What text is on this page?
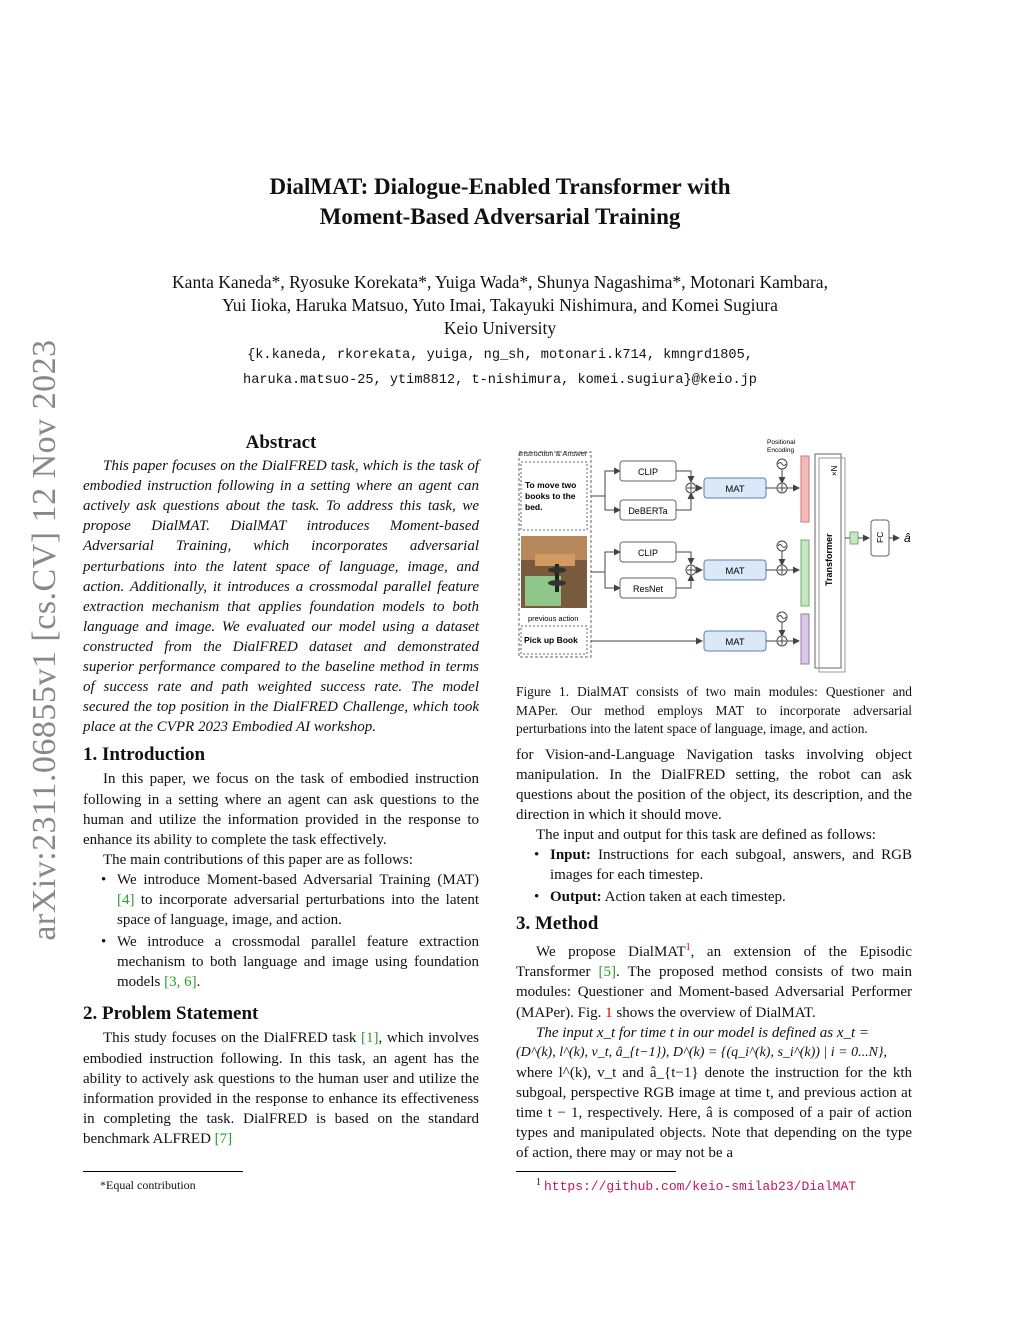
DialMAT: Dialogue-Enabled Transformer with
Moment-Based Adversarial Training
Kanta Kaneda*, Ryosuke Korekata*, Yuiga Wada*, Shunya Nagashima*, Motonari Kambara,
Yui Iioka, Haruka Matsuo, Yuto Imai, Takayuki Nishimura, and Komei Sugiura
Keio University
{k.kaneda, rkorekata, yuiga, ng_sh, motonari.k714, kmngrd1805,
haruka.matsuo-25, ytim8812, t-nishimura, komei.sugiura}@keio.jp
arXiv:2311.06855v1 [cs.CV] 12 Nov 2023	Abstract

This paper focuses on the DialFRED task, which is the task of embodied instruction following in a setting where an agent can actively ask questions about the task. To address this task, we propose DialMAT. DialMAT introduces Moment-based Adversarial Training, which incorporates adversarial perturbations into the latent space of language, image, and action. Additionally, it introduces a crossmodal parallel feature extraction mechanism that applies foundation models to both language and image. We evaluated our model using a dataset constructed from the DialFRED dataset and demonstrated superior performance compared to the baseline method in terms of success rate and path weighted success rate. The model secured the top position in the DialFRED Challenge, which took place at the CVPR 2023 Embodied AI workshop.

1. Introduction

In this paper, we focus on the task of embodied instruction following in a setting where an agent can ask questions to the human and utilize the information provided in the response to enhance its ability to complete the task effectively.

The main contributions of this paper are as follows:

• We introduce Moment-based Adversarial Training (MAT) [4] to incorporate adversarial perturbations into the latent space of language, image, and action.
• We introduce a crossmodal parallel feature extraction mechanism to both language and image using foundation models [3, 6].
2. Problem Statement

This study focuses on the DialFRED task [1], which involves embodied instruction following. In this task, an agent has the ability to actively ask questions to the human user and utilize the information provided in the response to enhance its effectiveness in completing the task. DialFRED is based on the standard benchmark ALFRED [7]

*Equal contribution
Instruction & Answer
To move two
books to the
bed.
previous action
Pick up Book
CLIP
DeBERTa
CLIP
ResNet
MAT
MAT
MAT
Positional
Encoding
Transformer
×N
FC â

Figure 1. DialMAT consists of two main modules: Questioner and MAPer. Our method employs MAT to incorporate adversarial perturbations into the latent space of language, image, and action.

for Vision-and-Language Navigation tasks involving object manipulation. In the DialFRED setting, the robot can ask questions about the position of the object, its description, and the direction in which it should move.

The input and output for this task are defined as follows:

• Input: Instructions for each subgoal, answers, and RGB images for each timestep.
• Output: Action taken at each timestep.
3. Method

We propose DialMAT$^1$, an extension of the Episodic Transformer [5]. The proposed method consists of two main modules: Questioner and Moment-based Adversarial Performer (MAPer). Fig. 1 shows the overview of DialMAT.

The input x_t for time t in our model is defined as x_t =

(D^(k), l^(k), v_t, â_{t−1}), D^(k) = {(q_i^(k), s_i^(k)) | i = 0...N},

where l^(k), v_t and â_{t−1} denote the instruction for the kth subgoal, perspective RGB image at time t, and previous action at time t − 1, respectively. Here, â is composed of a pair of action types and manipulated objects. Note that depending on the type of action, there may or may not be a

$^1$ https://github.com/keio-smilab23/DialMAT
